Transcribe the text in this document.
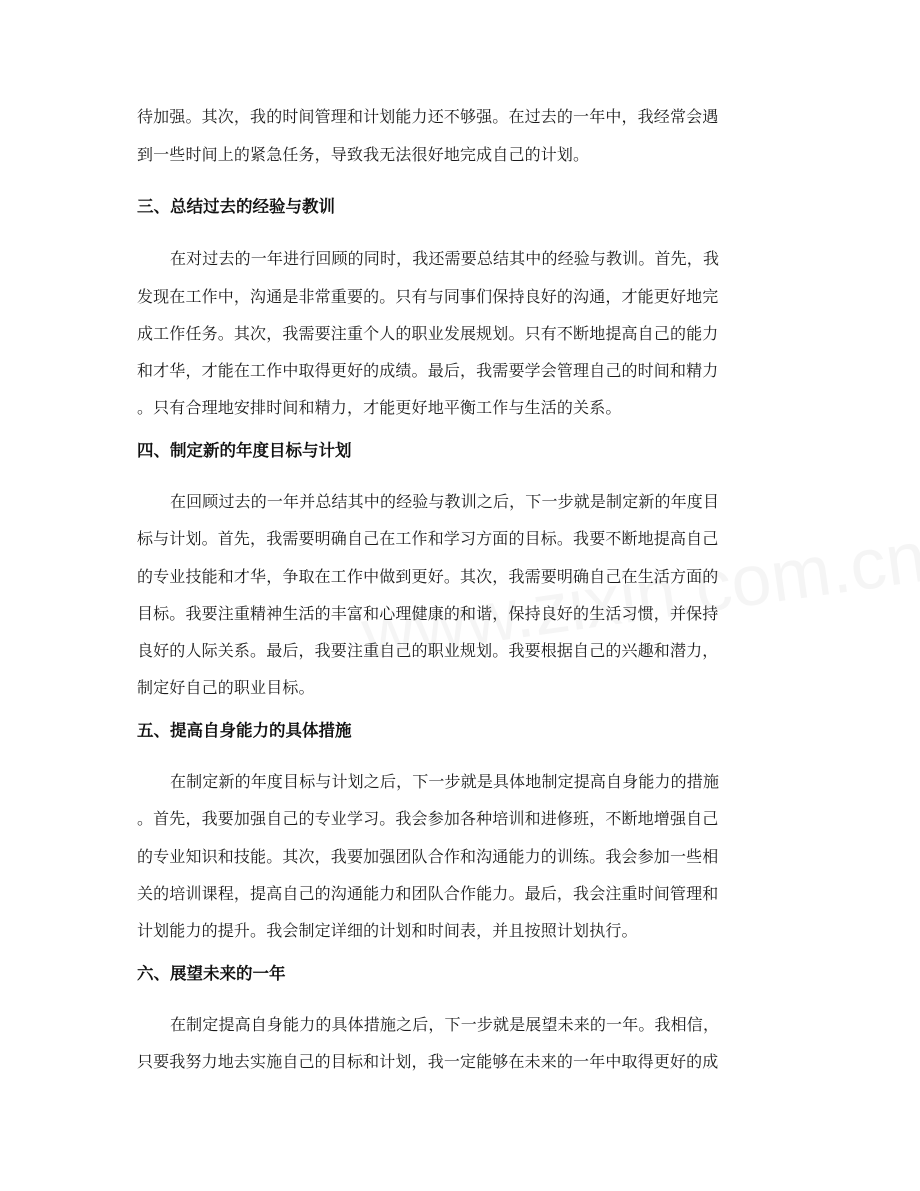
待加强。其次，我的时间管理和计划能力还不够强。在过去的一年中，我经常会遇
到一些时间上的紧急任务，导致我无法很好地完成自己的计划。
三、总结过去的经验与教训
在对过去的一年进行回顾的同时，我还需要总结其中的经验与教训。首先，我
发现在工作中，沟通是非常重要的。只有与同事们保持良好的沟通，才能更好地完
成工作任务。其次，我需要注重个人的职业发展规划。只有不断地提高自己的能力
和才华，才能在工作中取得更好的成绩。最后，我需要学会管理自己的时间和精力
。只有合理地安排时间和精力，才能更好地平衡工作与生活的关系。
四、制定新的年度目标与计划
在回顾过去的一年并总结其中的经验与教训之后，下一步就是制定新的年度目
标与计划。首先，我需要明确自己在工作和学习方面的目标。我要不断地提高自己
的专业技能和才华，争取在工作中做到更好。其次，我需要明确自己在生活方面的
目标。我要注重精神生活的丰富和心理健康的和谐，保持良好的生活习惯，并保持
良好的人际关系。最后，我要注重自己的职业规划。我要根据自己的兴趣和潜力，
制定好自己的职业目标。
五、提高自身能力的具体措施
在制定新的年度目标与计划之后，下一步就是具体地制定提高自身能力的措施
。首先，我要加强自己的专业学习。我会参加各种培训和进修班，不断地增强自己
的专业知识和技能。其次，我要加强团队合作和沟通能力的训练。我会参加一些相
关的培训课程，提高自己的沟通能力和团队合作能力。最后，我会注重时间管理和
计划能力的提升。我会制定详细的计划和时间表，并且按照计划执行。
六、展望未来的一年
在制定提高自身能力的具体措施之后，下一步就是展望未来的一年。我相信，
只要我努力地去实施自己的目标和计划，我一定能够在未来的一年中取得更好的成
